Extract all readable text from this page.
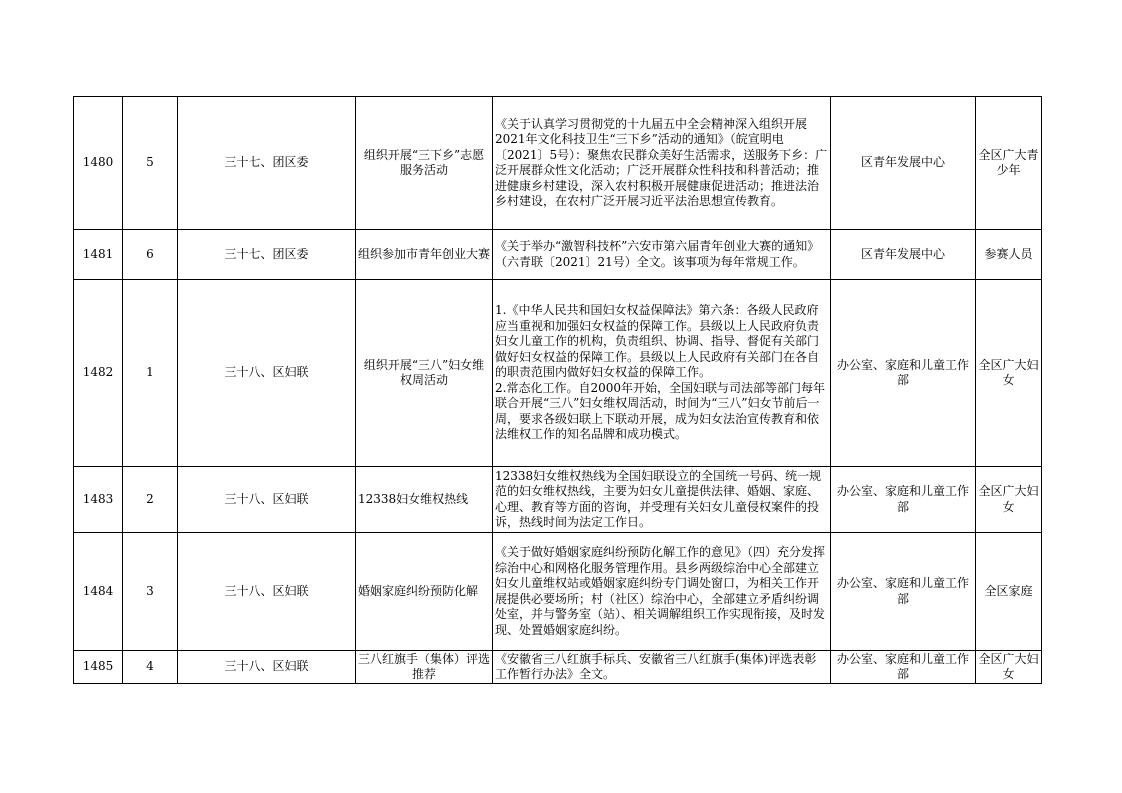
1480	5	三十七、团区委	组织开展“三下乡”志愿服务活动	《关于认真学习贯彻党的十九届五中全会精神深入组织开展2021年文化科技卫生“三下乡”活动的通知》（皖宣明电〔2021〕5号）：聚焦农民群众美好生活需求，送服务下乡：广泛开展群众性文化活动；广泛开展群众性科技和科普活动；推进健康乡村建设，深入农村积极开展健康促进活动；推进法治乡村建设，在农村广泛开展习近平法治思想宣传教育。	区青年发展中心	全区广大青少年
1481	6	三十七、团区委	组织参加市青年创业大赛	《关于举办“激智科技杯”六安市第六届青年创业大赛的通知》（六青联〔2021〕21号）全文。该事项为每年常规工作。	区青年发展中心	参赛人员
1482	1	三十八、区妇联	组织开展“三八”妇女维权周活动	1.《中华人民共和国妇女权益保障法》第六条：各级人民政府应当重视和加强妇女权益的保障工作。县级以上人民政府负责妇女儿童工作的机构，负责组织、协调、指导、督促有关部门做好妇女权益的保障工作。县级以上人民政府有关部门在各自的职责范围内做好妇女权益的保障工作。
2.常态化工作。自2000年开始，全国妇联与司法部等部门每年联合开展“三八”妇女维权周活动，时间为“三八”妇女节前后一周，要求各级妇联上下联动开展，成为妇女法治宣传教育和依法维权工作的知名品牌和成功模式。	办公室、家庭和儿童工作部	全区广大妇女
1483	2	三十八、区妇联	12338妇女维权热线	12338妇女维权热线为全国妇联设立的全国统一号码、统一规范的妇女维权热线，主要为妇女儿童提供法律、婚姻、家庭、心理、教育等方面的咨询，并受理有关妇女儿童侵权案件的投诉，热线时间为法定工作日。	办公室、家庭和儿童工作部	全区广大妇女
1484	3	三十八、区妇联	婚姻家庭纠纷预防化解	《关于做好婚姻家庭纠纷预防化解工作的意见》（四）充分发挥综治中心和网格化服务管理作用。县乡两级综治中心全部建立妇女儿童维权站或婚姻家庭纠纷专门调处窗口，为相关工作开展提供必要场所；村（社区）综治中心，全部建立矛盾纠纷调处室，并与警务室（站）、相关调解组织工作实现衔接，及时发现、处置婚姻家庭纠纷。	办公室、家庭和儿童工作部	全区家庭
1485	4	三十八、区妇联	三八红旗手（集体）评选推荐	《安徽省三八红旗手标兵、安徽省三八红旗手(集体)评选表彰工作暂行办法》全文。	办公室、家庭和儿童工作部	全区广大妇女
